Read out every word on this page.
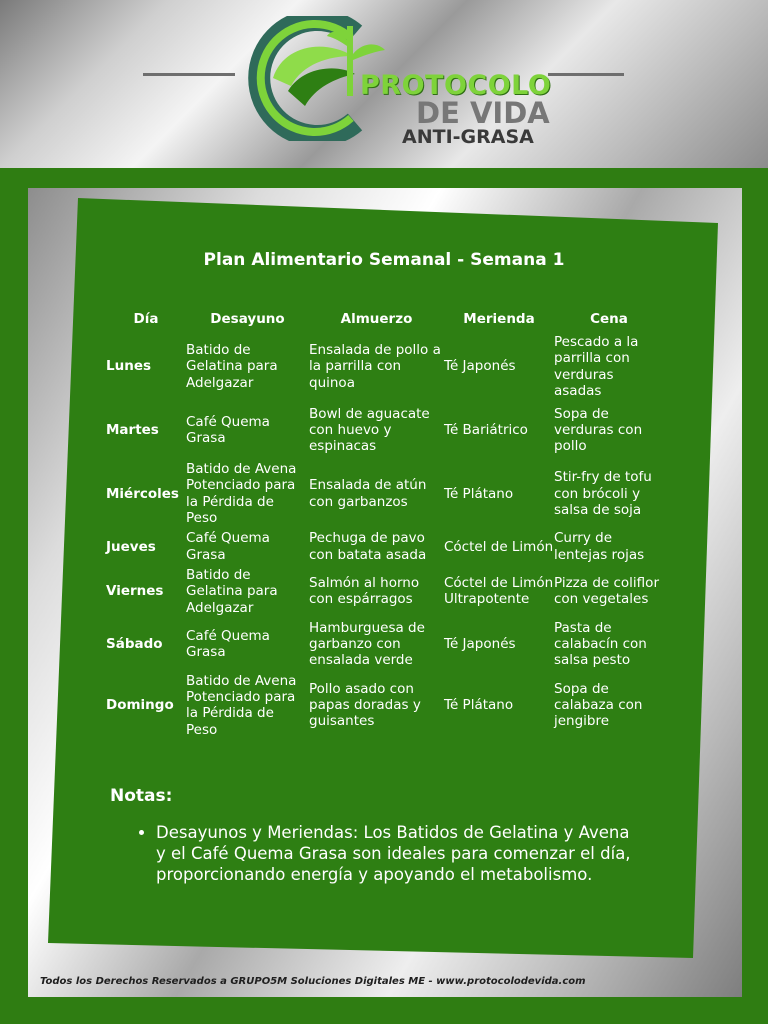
PROTOCOLO
DE VIDA
ANTI-GRASA
Plan Alimentario Semanal - Semana 1
Día	Desayuno	Almuerzo	Merienda	Cena
Lunes	Batido de Gelatina para Adelgazar	Ensalada de pollo a la parrilla con quinoa	Té Japonés	Pescado a la parrilla con verduras asadas
Martes	Café Quema Grasa	Bowl de aguacate con huevo y espinacas	Té Bariátrico	Sopa de verduras con pollo
Miércoles	Batido de Avena Potenciado para la Pérdida de Peso	Ensalada de atún con garbanzos	Té Plátano	Stir-fry de tofu con brócoli y salsa de soja
Jueves	Café Quema Grasa	Pechuga de pavo con batata asada	Cóctel de Limón	Curry de lentejas rojas
Viernes	Batido de Gelatina para Adelgazar	Salmón al horno con espárragos	Cóctel de Limón Ultrapotente	Pizza de coliflor con vegetales
Sábado	Café Quema Grasa	Hamburguesa de garbanzo con ensalada verde	Té Japonés	Pasta de calabacín con salsa pesto
Domingo	Batido de Avena Potenciado para la Pérdida de Peso	Pollo asado con papas doradas y guisantes	Té Plátano	Sopa de calabaza con jengibre
Notas:
• Desayunos y Meriendas: Los Batidos de Gelatina y Avena y el Café Quema Grasa son ideales para comenzar el día, proporcionando energía y apoyando el metabolismo.
Todos los Derechos Reservados a GRUPO5M Soluciones Digitales ME - www.protocolodevida.com
